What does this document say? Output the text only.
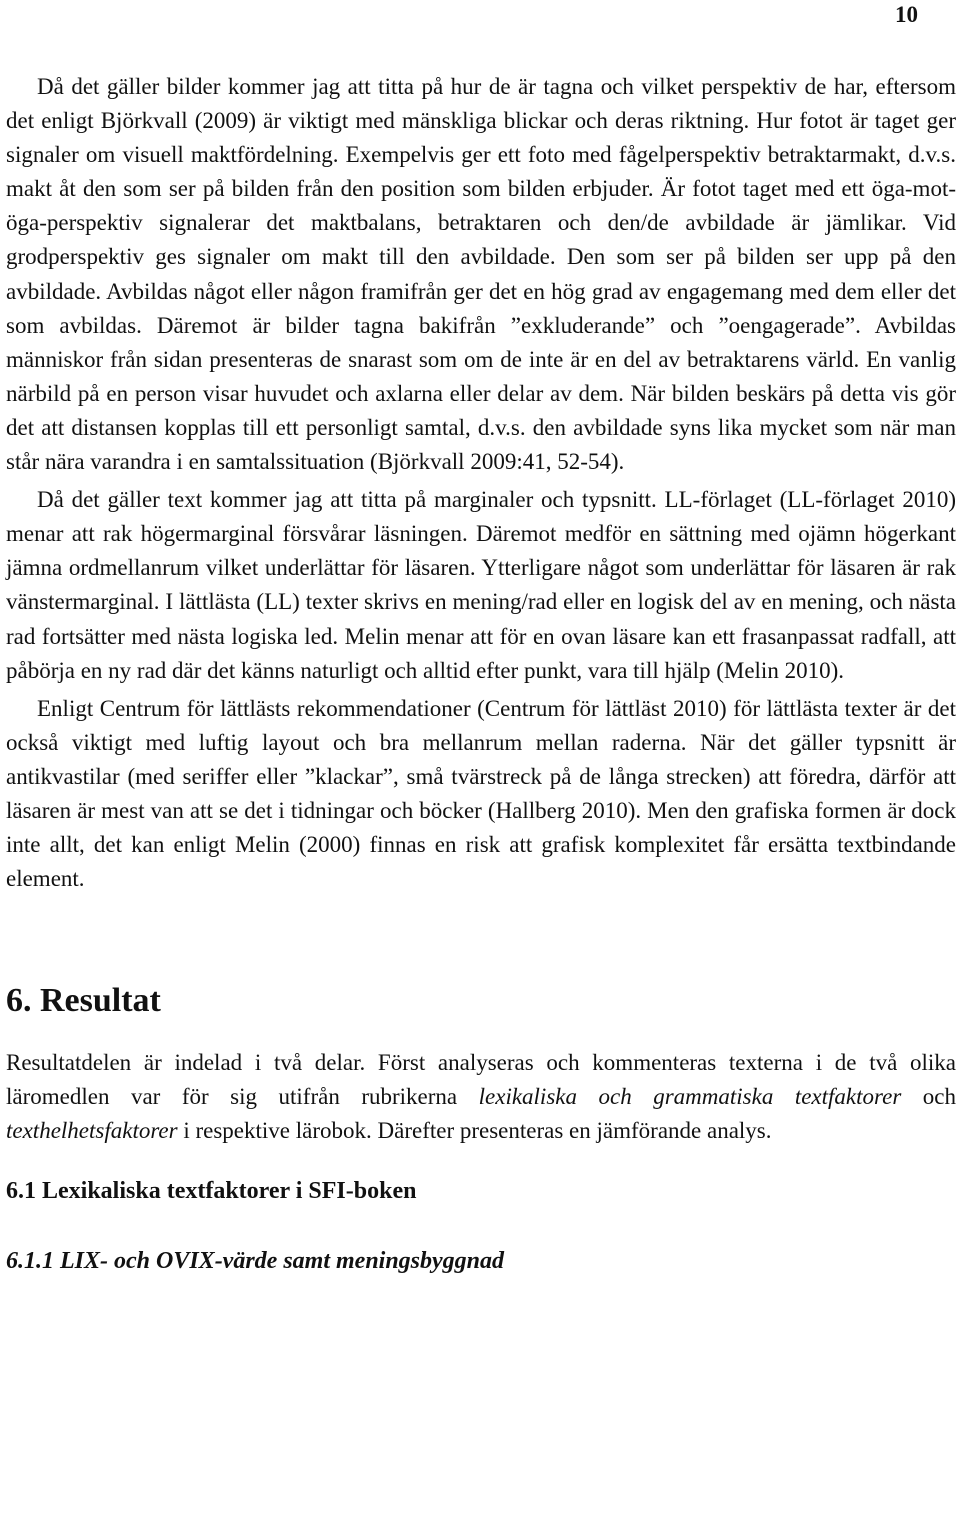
10

Då det gäller bilder kommer jag att titta på hur de är tagna och vilket perspektiv de har, eftersom det enligt Björkvall (2009) är viktigt med mänskliga blickar och deras riktning. Hur fotot är taget ger signaler om visuell maktfördelning. Exempelvis ger ett foto med fågelperspektiv betraktarmakt, d.v.s. makt åt den som ser på bilden från den position som bilden erbjuder. Är fotot taget med ett öga-mot-öga-perspektiv signalerar det maktbalans, betraktaren och den/de avbildade är jämlikar. Vid grodperspektiv ges signaler om makt till den avbildade. Den som ser på bilden ser upp på den avbildade. Avbildas något eller någon framifrån ger det en hög grad av engagemang med dem eller det som avbildas. Däremot är bilder tagna bakifrån ”exkluderande” och ”oengagerade”. Avbildas människor från sidan presenteras de snarast som om de inte är en del av betraktarens värld. En vanlig närbild på en person visar huvudet och axlarna eller delar av dem. När bilden beskärs på detta vis gör det att distansen kopplas till ett personligt samtal, d.v.s. den avbildade syns lika mycket som när man står nära varandra i en samtalssituation (Björkvall 2009:41, 52-54).

Då det gäller text kommer jag att titta på marginaler och typsnitt. LL-förlaget (LL-förlaget 2010) menar att rak högermarginal försvårar läsningen. Däremot medför en sättning med ojämn högerkant jämna ordmellanrum vilket underlättar för läsaren. Ytterligare något som underlättar för läsaren är rak vänstermarginal. I lättlästa (LL) texter skrivs en mening/rad eller en logisk del av en mening, och nästa rad fortsätter med nästa logiska led. Melin menar att för en ovan läsare kan ett frasanpassat radfall, att påbörja en ny rad där det känns naturligt och alltid efter punkt, vara till hjälp (Melin 2010).

Enligt Centrum för lättlästs rekommendationer (Centrum för lättläst 2010) för lättlästa texter är det också viktigt med luftig layout och bra mellanrum mellan raderna. När det gäller typsnitt är antikvastilar (med seriffer eller ”klackar”, små tvärstreck på de långa strecken) att föredra, därför att läsaren är mest van att se det i tidningar och böcker (Hallberg 2010). Men den grafiska formen är dock inte allt, det kan enligt Melin (2000) finnas en risk att grafisk komplexitet får ersätta textbindande element.

6. Resultat

Resultatdelen är indelad i två delar. Först analyseras och kommenteras texterna i de två olika läromedlen var för sig utifrån rubrikerna lexikaliska och grammatiska textfaktorer och texthelhetsfaktorer i respektive lärobok. Därefter presenteras en jämförande analys.

6.1 Lexikaliska textfaktorer i SFI-boken
6.1.1 LIX- och OVIX-värde samt meningsbyggnad
